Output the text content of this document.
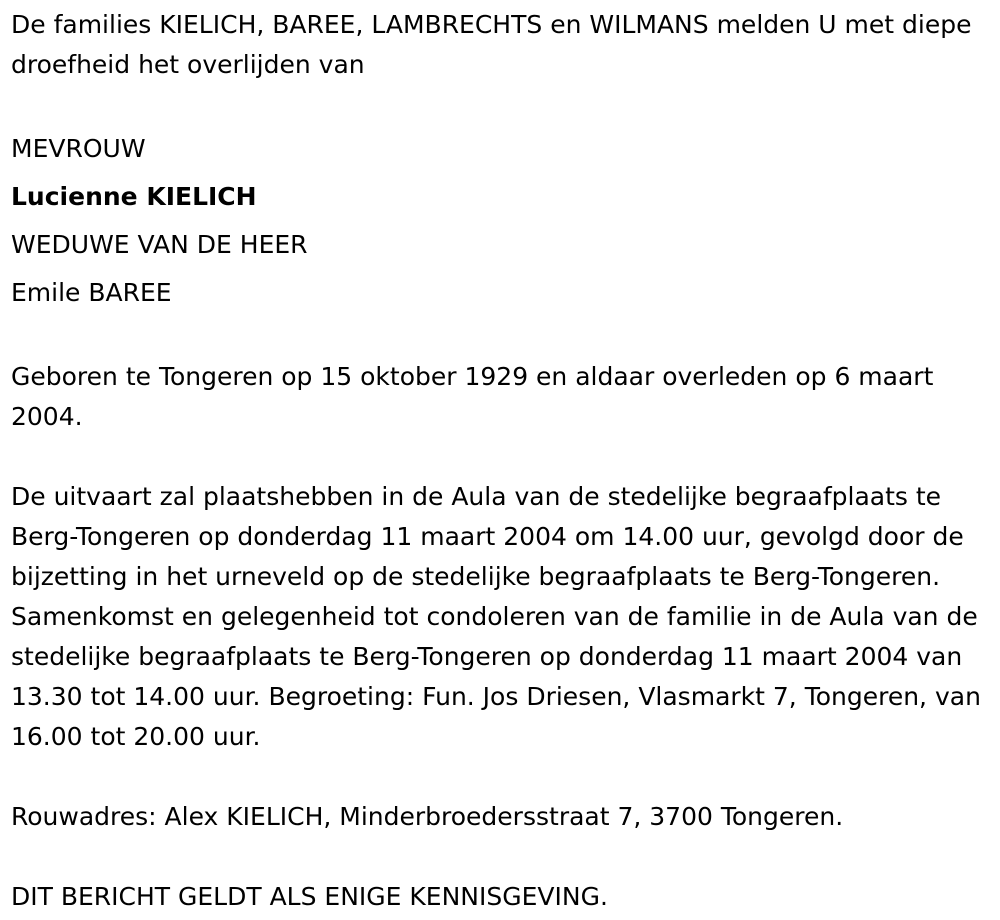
De families KIELICH, BAREE, LAMBRECHTS en WILMANS melden U met diepe droefheid het overlijden van

MEVROUW
Lucienne KIELICH
WEDUWE VAN DE HEER
Emile BAREE

Geboren te Tongeren op 15 oktober 1929 en aldaar overleden op 6 maart 2004.

De uitvaart zal plaatshebben in de Aula van de stedelijke begraafplaats te Berg-Tongeren op donderdag 11 maart 2004 om 14.00 uur, gevolgd door de bijzetting in het urneveld op de stedelijke begraafplaats te Berg-Tongeren. Samenkomst en gelegenheid tot condoleren van de familie in de Aula van de stedelijke begraafplaats te Berg-Tongeren op donderdag 11 maart 2004 van 13.30 tot 14.00 uur. Begroeting: Fun. Jos Driesen, Vlasmarkt 7, Tongeren, van 16.00 tot 20.00 uur.

Rouwadres: Alex KIELICH, Minderbroedersstraat 7, 3700 Tongeren.

DIT BERICHT GELDT ALS ENIGE KENNISGEVING.
